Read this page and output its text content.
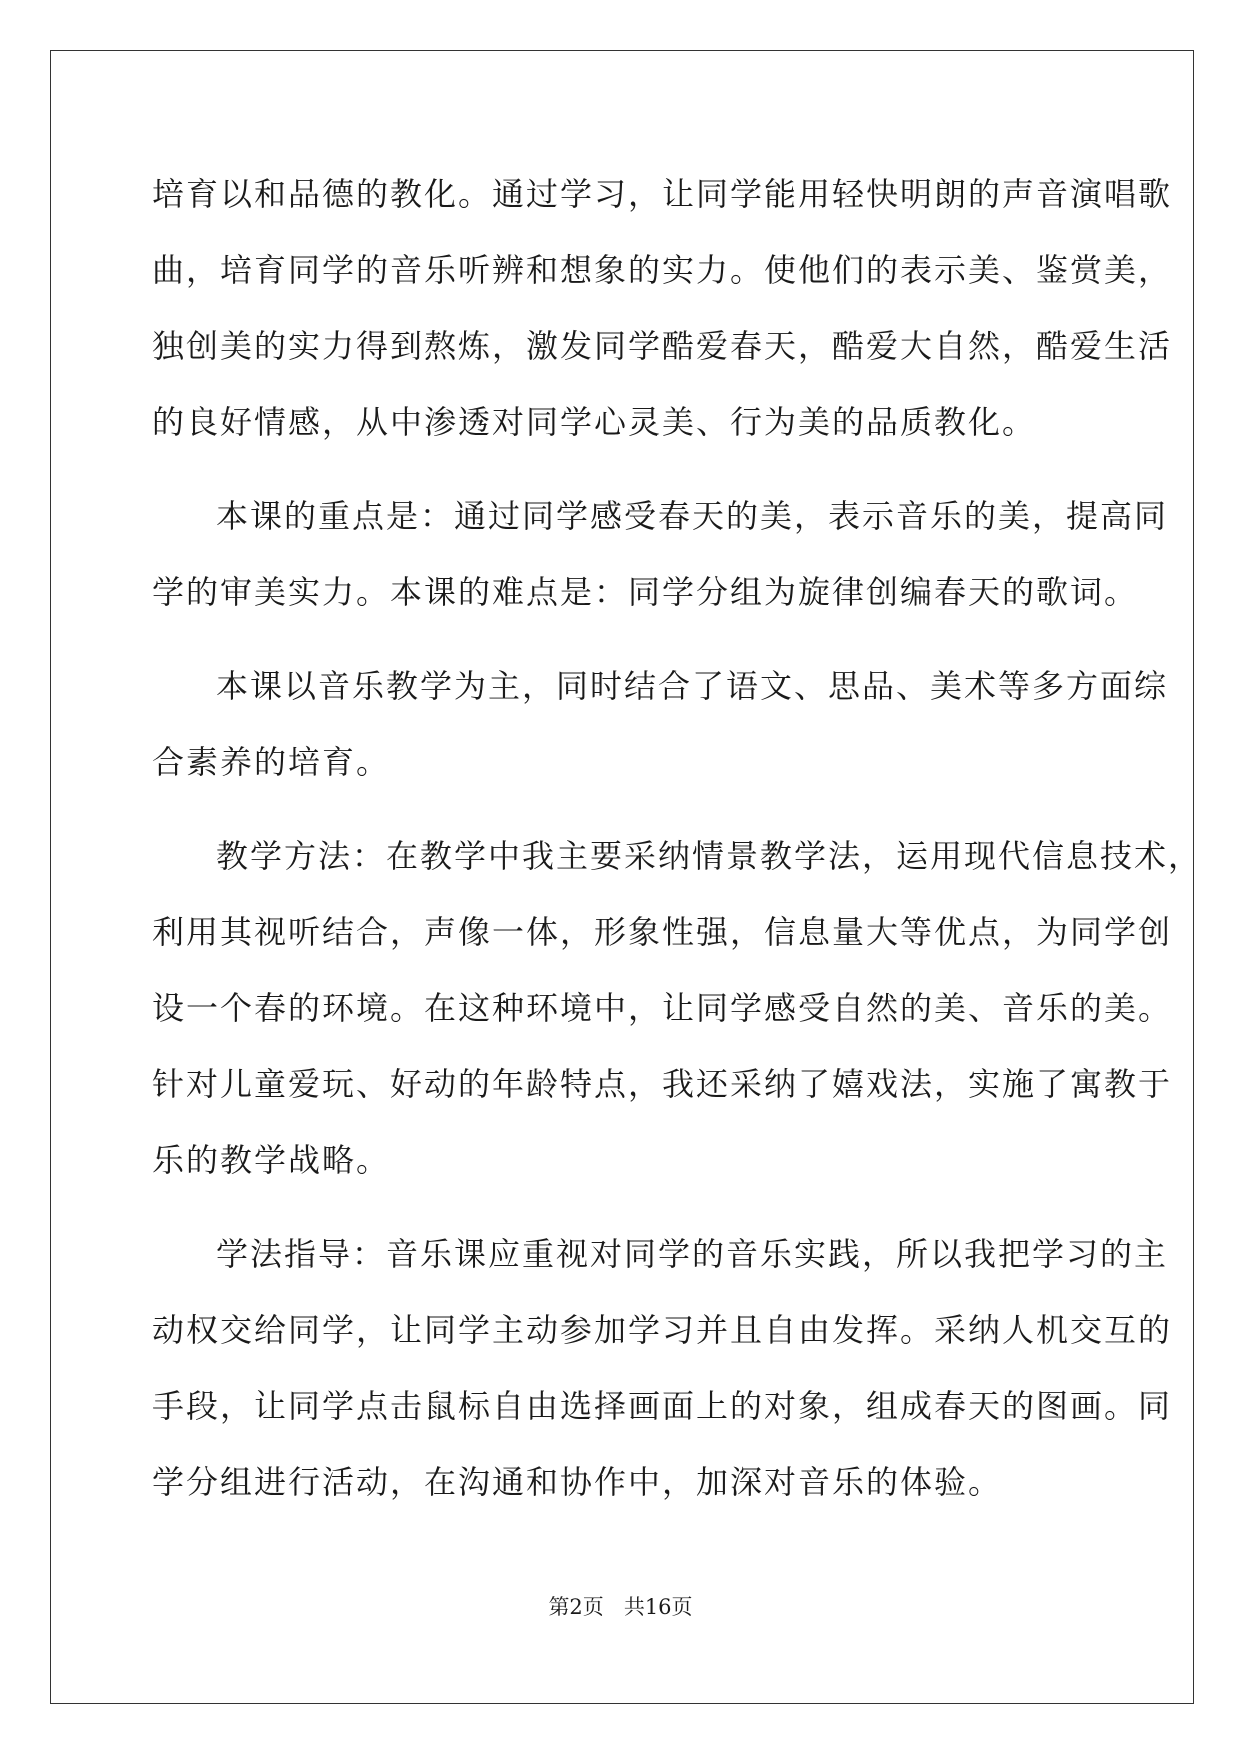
培育以和品德的教化。通过学习，让同学能用轻快明朗的声音演唱歌
曲，培育同学的音乐听辨和想象的实力。使他们的表示美、鉴赏美，
独创美的实力得到熬炼，激发同学酷爱春天，酷爱大自然，酷爱生活
的良好情感，从中渗透对同学心灵美、行为美的品质教化。
本课的重点是：通过同学感受春天的美，表示音乐的美，提高同
学的审美实力。本课的难点是：同学分组为旋律创编春天的歌词。
本课以音乐教学为主，同时结合了语文、思品、美术等多方面综
合素养的培育。
教学方法：在教学中我主要采纳情景教学法，运用现代信息技术，
利用其视听结合，声像一体，形象性强，信息量大等优点，为同学创
设一个春的环境。在这种环境中，让同学感受自然的美、音乐的美。
针对儿童爱玩、好动的年龄特点，我还采纳了嬉戏法，实施了寓教于
乐的教学战略。
学法指导：音乐课应重视对同学的音乐实践，所以我把学习的主
动权交给同学，让同学主动参加学习并且自由发挥。采纳人机交互的
手段，让同学点击鼠标自由选择画面上的对象，组成春天的图画。同
学分组进行活动，在沟通和协作中，加深对音乐的体验。
第2页   共16页
